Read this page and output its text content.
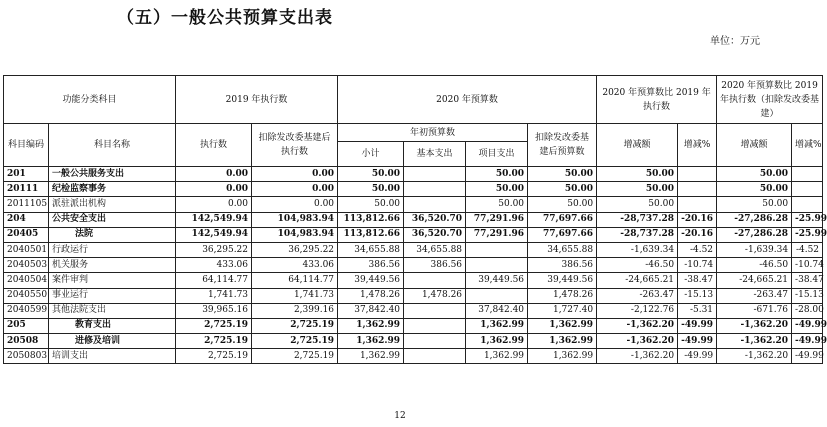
（五）一般公共预算支出表
单位：万元
功能分类科目		2019 年执行数		2020 年预算数				2020 年预算数比 2019 年执行数		2020 年预算数比 2019 年执行数（扣除发改委基建）	
科目编码	科目名称	执行数	扣除发改委基建后执行数	年初预算数			扣除发改委基建后预算数	增减额	增减%	增减额	增减%
				小计	基本支出	项目支出					
201	一般公共服务支出	0.00	0.00	50.00		50.00	50.00	50.00		50.00	
20111	纪检监察事务	0.00	0.00	50.00		50.00	50.00	50.00		50.00	
2011105	派驻派出机构	0.00	0.00	50.00		50.00	50.00	50.00		50.00	
204	公共安全支出	142,549.94	104,983.94	113,812.66	36,520.70	77,291.96	77,697.66	-28,737.28	-20.16	-27,286.28	-25.99
20405	法院	142,549.94	104,983.94	113,812.66	36,520.70	77,291.96	77,697.66	-28,737.28	-20.16	-27,286.28	-25.99
2040501	行政运行	36,295.22	36,295.22	34,655.88	34,655.88		34,655.88	-1,639.34	-4.52	-1,639.34	-4.52
2040503	机关服务	433.06	433.06	386.56	386.56		386.56	-46.50	-10.74	-46.50	-10.74
2040504	案件审判	64,114.77	64,114.77	39,449.56		39,449.56	39,449.56	-24,665.21	-38.47	-24,665.21	-38.47
2040550	事业运行	1,741.73	1,741.73	1,478.26	1,478.26		1,478.26	-263.47	-15.13	-263.47	-15.13
2040599	其他法院支出	39,965.16	2,399.16	37,842.40		37,842.40	1,727.40	-2,122.76	-5.31	-671.76	-28.00
205	教育支出	2,725.19	2,725.19	1,362.99		1,362.99	1,362.99	-1,362.20	-49.99	-1,362.20	-49.99
20508	进修及培训	2,725.19	2,725.19	1,362.99		1,362.99	1,362.99	-1,362.20	-49.99	-1,362.20	-49.99
2050803	培训支出	2,725.19	2,725.19	1,362.99		1,362.99	1,362.99	-1,362.20	-49.99	-1,362.20	-49.99
12
